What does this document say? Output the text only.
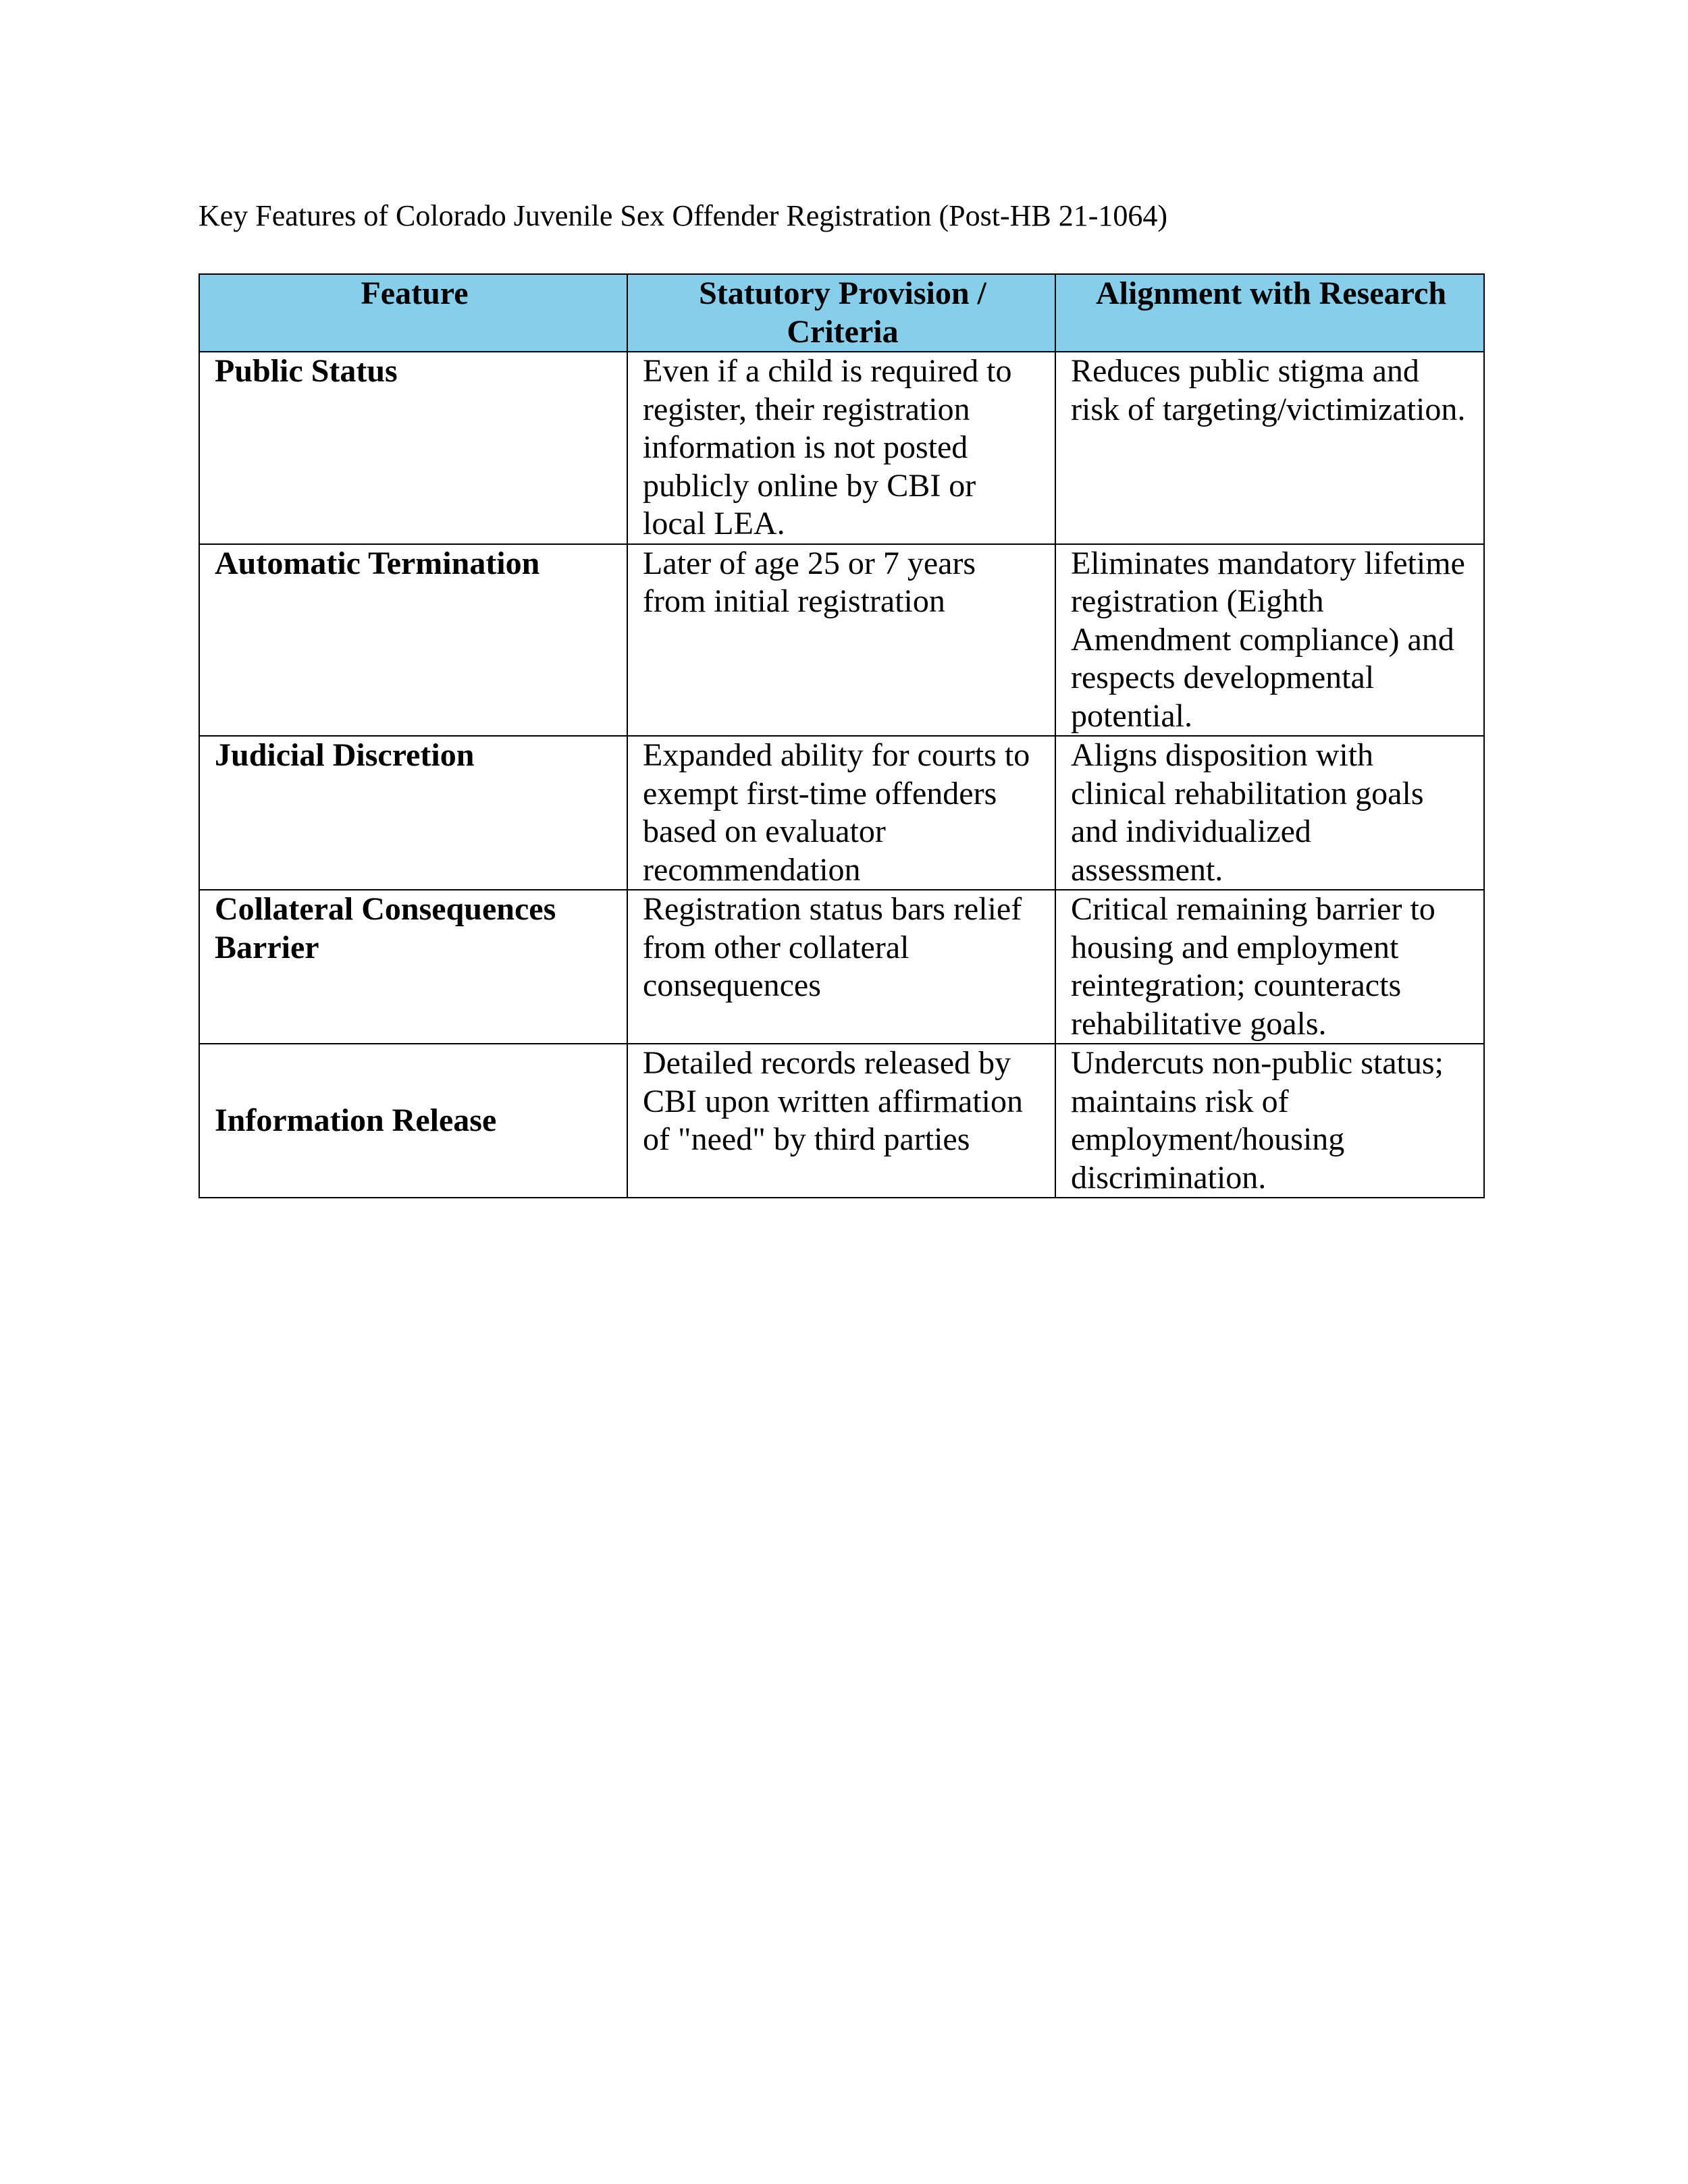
Key Features of Colorado Juvenile Sex Offender Registration (Post-HB 21-1064)
Feature	Statutory Provision / Criteria	Alignment with Research
Public Status	Even if a child is required to register, their registration information is not posted publicly online by CBI or local LEA.	Reduces public stigma and risk of targeting/victimization.
Automatic Termination	Later of age 25 or 7 years from initial registration	Eliminates mandatory lifetime registration (Eighth Amendment compliance) and respects developmental potential.
Judicial Discretion	Expanded ability for courts to exempt first-time offenders based on evaluator recommendation	Aligns disposition with clinical rehabilitation goals and individualized assessment.
Collateral Consequences Barrier	Registration status bars relief from other collateral consequences	Critical remaining barrier to housing and employment reintegration; counteracts rehabilitative goals.
Information Release	Detailed records released by CBI upon written affirmation of "need" by third parties	Undercuts non-public status; maintains risk of employment/housing discrimination.
